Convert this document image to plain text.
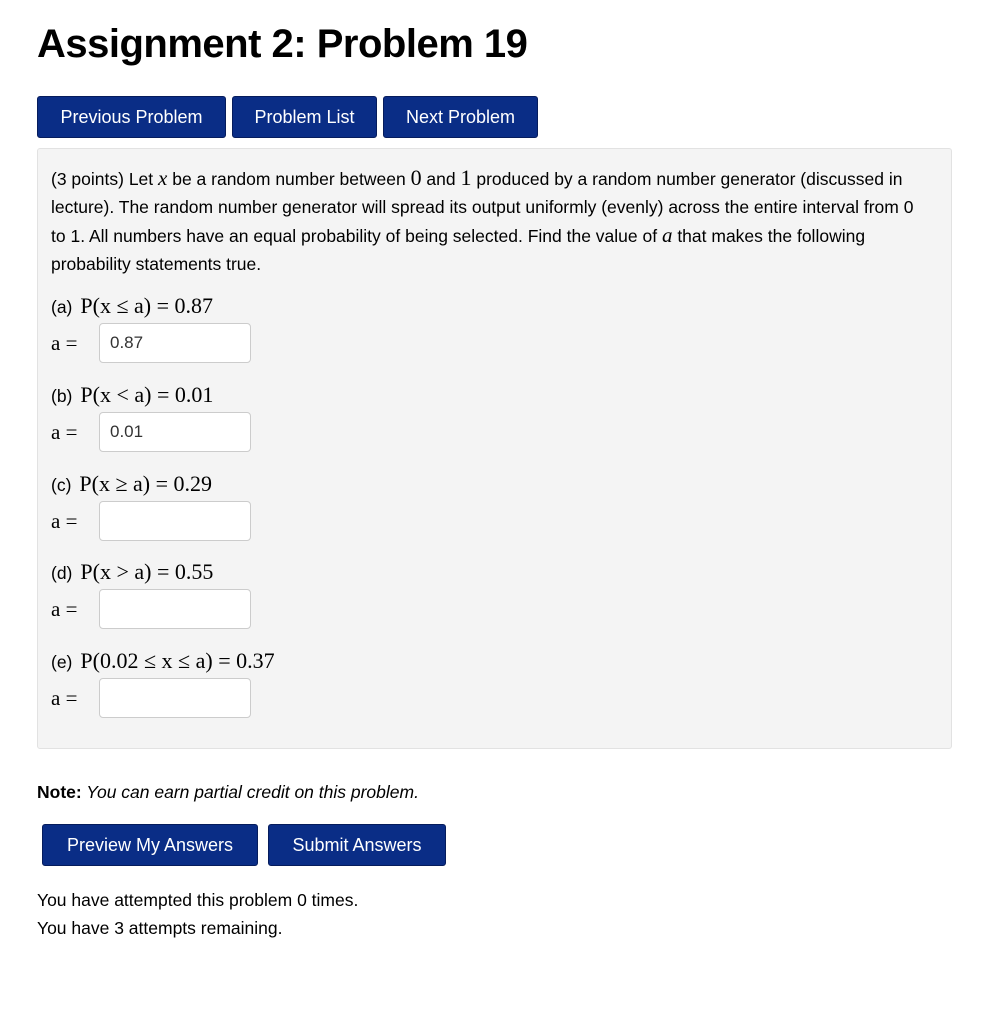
Assignment 2: Problem 19
Previous Problem	Problem List	Next Problem

(3 points) Let x be a random number between 0 and 1 produced by a random number generator (discussed in lecture). The random number generator will spread its output uniformly (evenly) across the entire interval from 0 to 1. All numbers have an equal probability of being selected. Find the value of a that makes the following probability statements true.

(a) P(x ≤ a) = 0.87
a =
0.87
(b) P(x < a) = 0.01
a =
0.01
(c) P(x ≥ a) = 0.29
a =
(d) P(x > a) = 0.55
a =
(e) P(0.02 ≤ x ≤ a) = 0.37
a =
Note: You can earn partial credit on this problem.
Preview My Answers	Submit Answers
You have attempted this problem 0 times.
You have 3 attempts remaining.
